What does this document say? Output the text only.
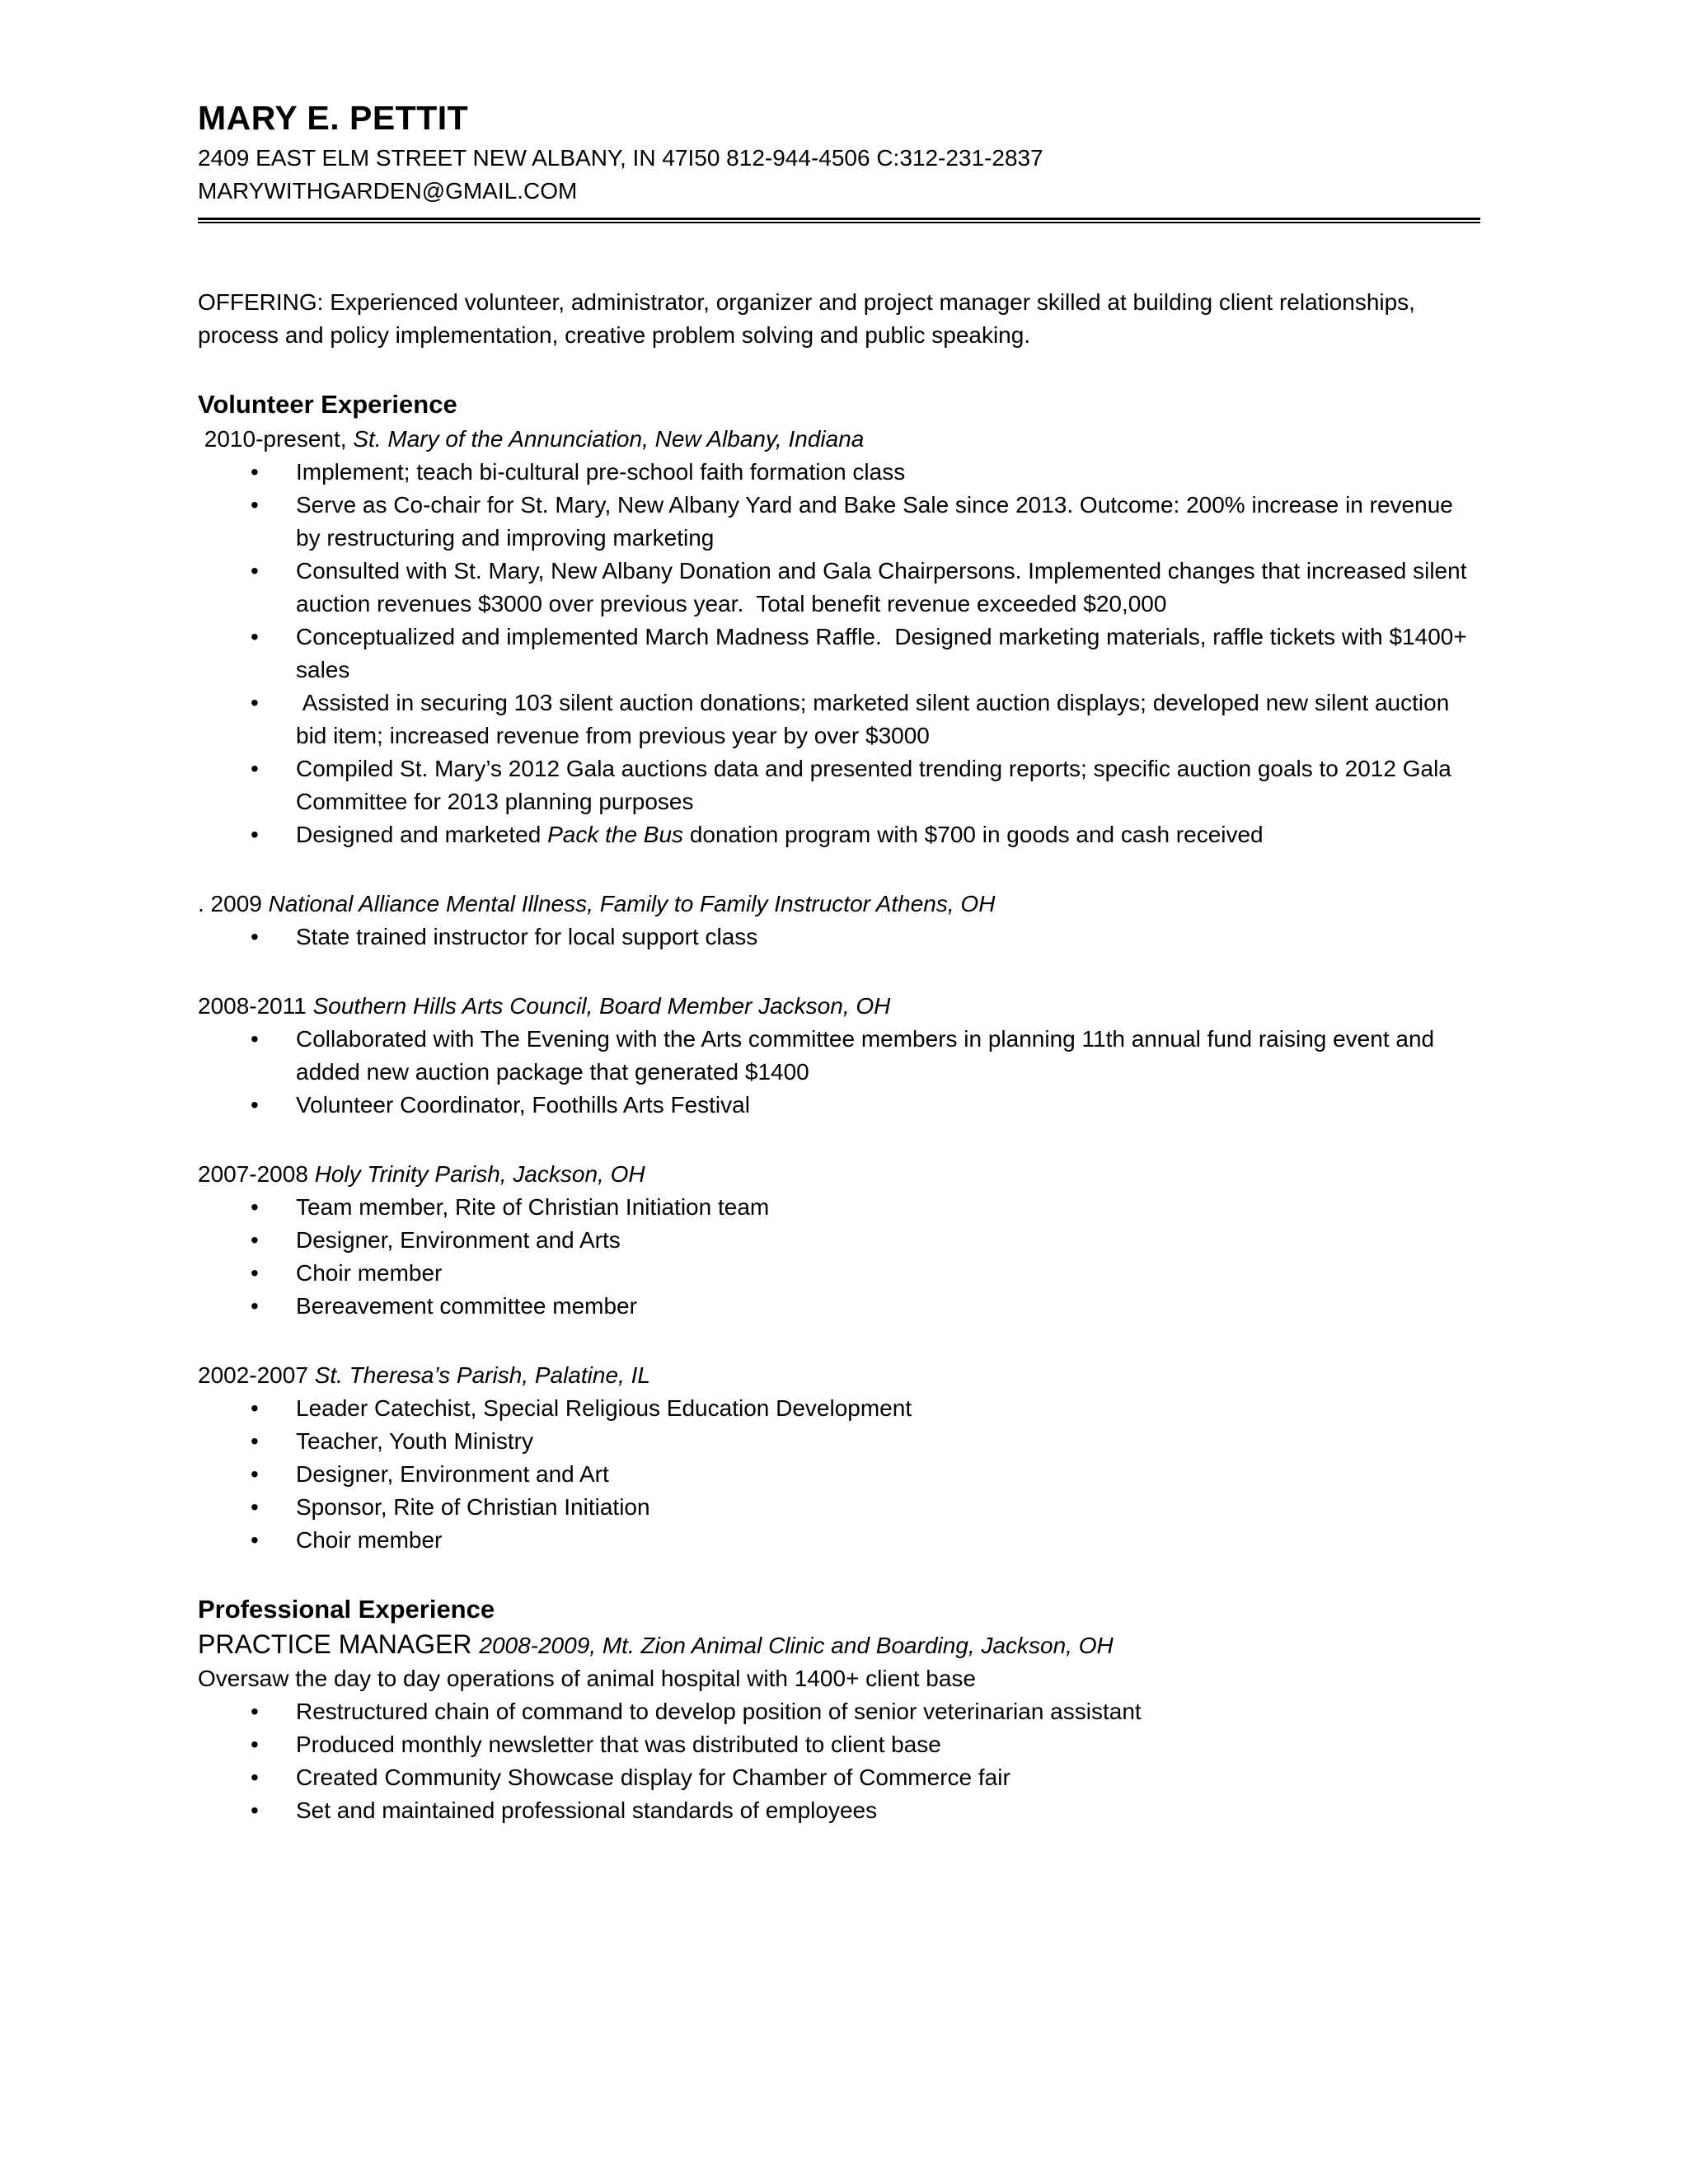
MARY E. PETTIT

2409 EAST ELM STREET NEW ALBANY, IN 47I50 812-944-4506 C:312-231-2837

MARYWITHGARDEN@GMAIL.COM

OFFERING: Experienced volunteer, administrator, organizer and project manager skilled at building client relationships, process and policy implementation, creative problem solving and public speaking.

Volunteer Experience

2010-present, St. Mary of the Annunciation, New Albany, Indiana

• Implement; teach bi-cultural pre-school faith formation class
• Serve as Co-chair for St. Mary, New Albany Yard and Bake Sale since 2013. Outcome: 200% increase in revenue by restructuring and improving marketing
• Consulted with St. Mary, New Albany Donation and Gala Chairpersons. Implemented changes that increased silent auction revenues $3000 over previous year.  Total benefit revenue exceeded $20,000
• Conceptualized and implemented March Madness Raffle.  Designed marketing materials, raffle tickets with $1400+ sales
•  Assisted in securing 103 silent auction donations; marketed silent auction displays; developed new silent auction bid item; increased revenue from previous year by over $3000
• Compiled St. Mary’s 2012 Gala auctions data and presented trending reports; specific auction goals to 2012 Gala Committee for 2013 planning purposes
• Designed and marketed Pack the Bus donation program with $700 in goods and cash received

. 2009 National Alliance Mental Illness, Family to Family Instructor Athens, OH

• State trained instructor for local support class

2008-2011 Southern Hills Arts Council, Board Member Jackson, OH

• Collaborated with The Evening with the Arts committee members in planning 11th annual fund raising event and added new auction package that generated $1400
• Volunteer Coordinator, Foothills Arts Festival

2007-2008 Holy Trinity Parish, Jackson, OH

• Team member, Rite of Christian Initiation team
• Designer, Environment and Arts
• Choir member
• Bereavement committee member

2002-2007 St. Theresa’s Parish, Palatine, IL

• Leader Catechist, Special Religious Education Development
• Teacher, Youth Ministry
• Designer, Environment and Art
• Sponsor, Rite of Christian Initiation
• Choir member
Professional Experience

PRACTICE MANAGER 2008-2009, Mt. Zion Animal Clinic and Boarding, Jackson, OH

Oversaw the day to day operations of animal hospital with 1400+ client base

• Restructured chain of command to develop position of senior veterinarian assistant
• Produced monthly newsletter that was distributed to client base
• Created Community Showcase display for Chamber of Commerce fair
• Set and maintained professional standards of employees
